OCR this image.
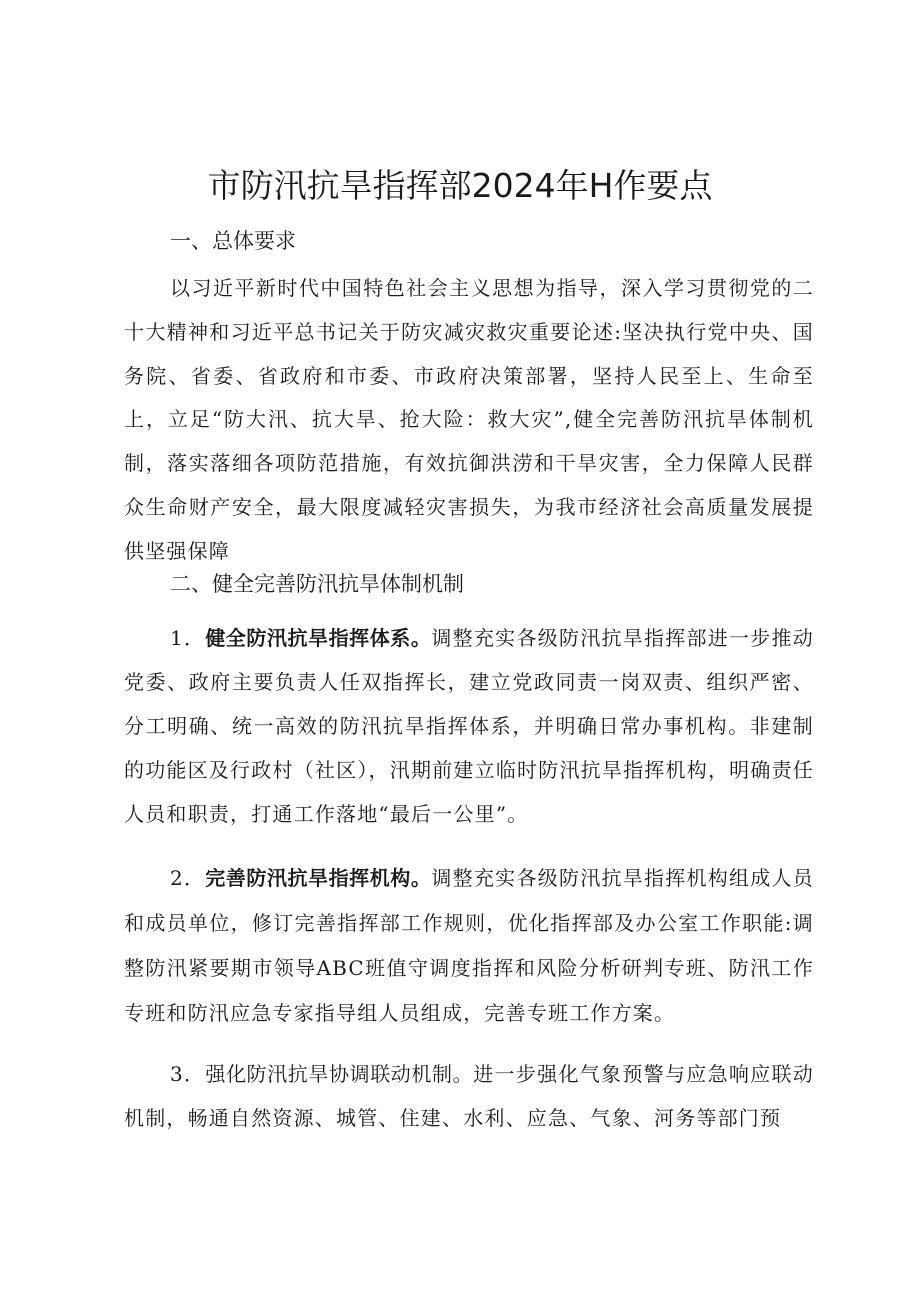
市防汛抗旱指挥部2024年H作要点
一、总体要求

以习近平新时代中国特色社会主义思想为指导，深入学习贯彻党的二十大精神和习近平总书记关于防灾减灾救灾重要论述:坚决执行党中央、国务院、省委、省政府和市委、市政府决策部署，坚持人民至上、生命至上，立足“防大汛、抗大旱、抢大险：救大灾”,健全完善防汛抗旱体制机制，落实落细各项防范措施，有效抗御洪涝和干旱灾害，全力保障人民群众生命财产安全，最大限度减轻灾害损失，为我市经济社会高质量发展提供坚强保障

二、健全完善防汛抗旱体制机制

1．健全防汛抗旱指挥体系。调整充实各级防汛抗旱指挥部进一步推动党委、政府主要负责人任双指挥长，建立党政同责一岗双责、组织严密、分工明确、统一高效的防汛抗旱指挥体系，并明确日常办事机构。非建制的功能区及行政村（社区），汛期前建立临时防汛抗旱指挥机构，明确责任人员和职责，打通工作落地“最后一公里”。

2．完善防汛抗旱指挥机构。调整充实各级防汛抗旱指挥机构组成人员和成员单位，修订完善指挥部工作规则，优化指挥部及办公室工作职能:调整防汛紧要期市领导ABC班值守调度指挥和风险分析研判专班、防汛工作专班和防汛应急专家指导组人员组成，完善专班工作方案。

3．强化防汛抗旱协调联动机制。进一步强化气象预警与应急响应联动机制，畅通自然资源、城管、住建、水利、应急、气象、河务等部门预
